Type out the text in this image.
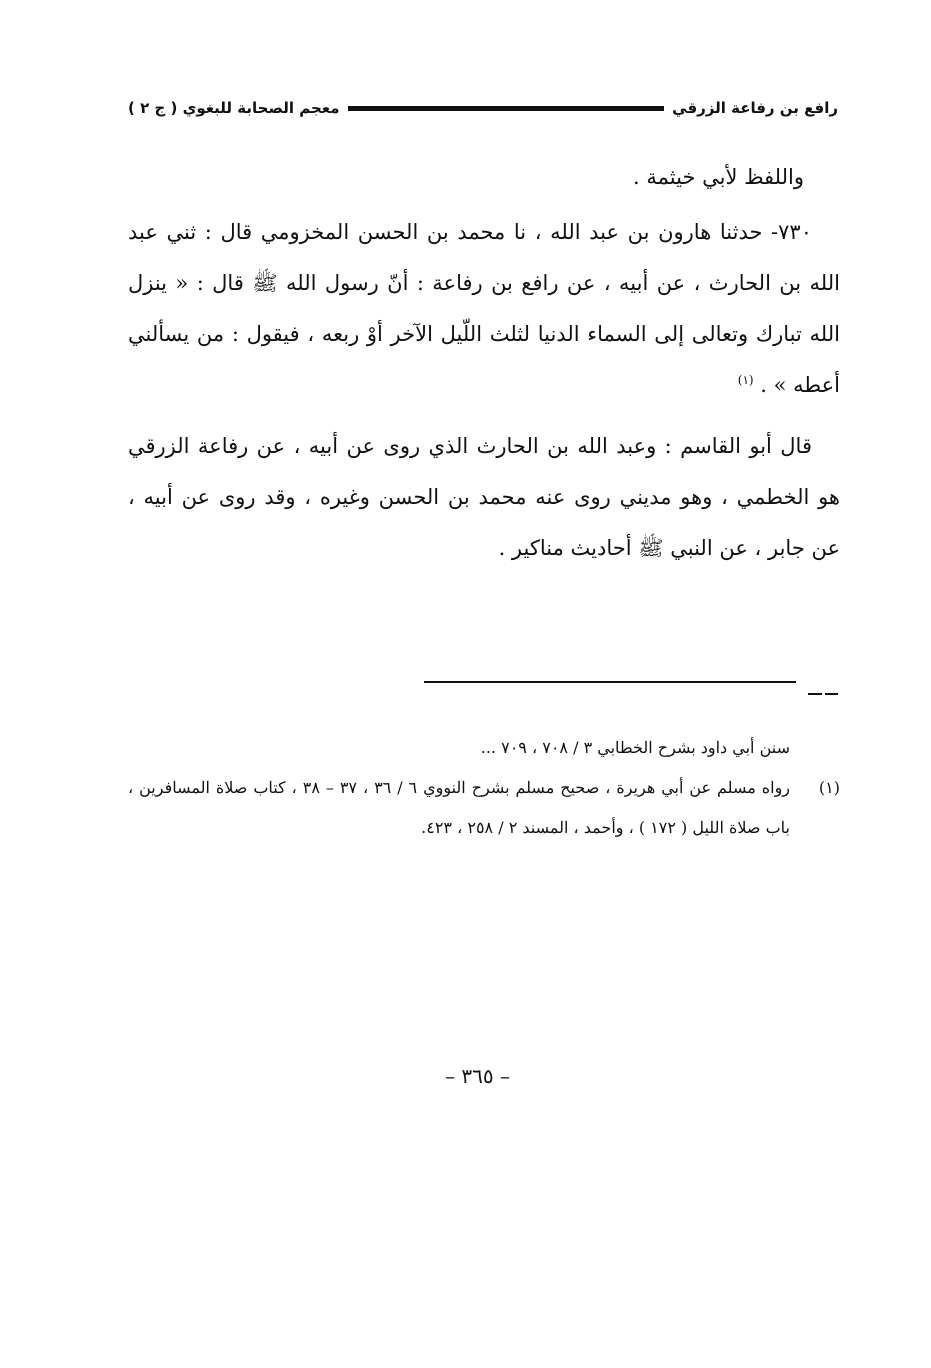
رافع بن رفاعة الزرقي
معجم الصحابة للبغوي ( ج ٢ )

واللفظ لأبي خيثمة .

٧٣٠- حدثنا هارون بن عبد الله ، نا محمد بن الحسن المخزومي قال : ثني عبد الله بن الحارث ، عن أبيه ، عن رافع بن رفاعة : أنّ رسول الله ﷺ قال : « ينزل الله تبارك وتعالى إلى السماء الدنيا لثلث اللّيل الآخر أوْ ربعه ، فيقول : من يسألني أعطه » . $^{(١)}$

قال أبو القاسم : وعبد الله بن الحارث الذي روى عن أبيه ، عن رفاعة الزرقي هو الخطمي ، وهو مديني روى عنه محمد بن الحسن وغيره ، وقد روى عن أبيه ، عن جابر ، عن النبي ﷺ أحاديث مناكير .

سنن أبي داود بشرح الخطابي ٣ / ٧٠٨ ، ٧٠٩ ...

(١)
رواه مسلم عن أبي هريرة ، صحيح مسلم بشرح النووي ٦ / ٣٦ ، ٣٧ – ٣٨ ، كتاب صلاة المسافرين ، باب صلاة الليل ( ١٧٢ ) ، وأحمد ، المسند ٢ / ٢٥٨ ، ٤٢٣.
– ٣٦٥ –
